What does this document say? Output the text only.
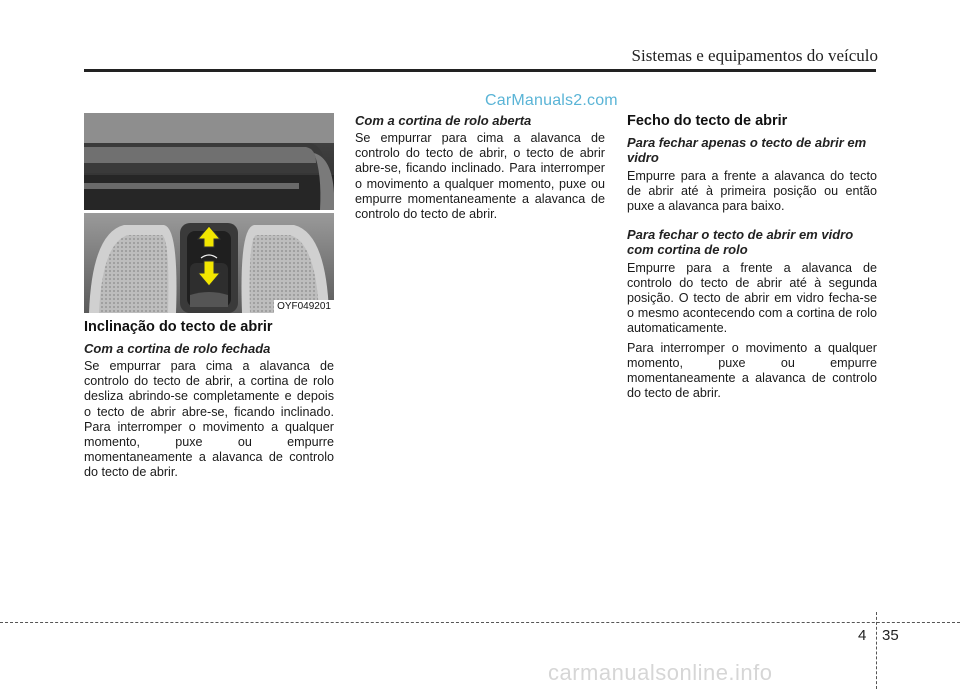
Sistemas e equipamentos do veículo
CarManuals2.com
OYF049201
Inclinação do tecto de abrir
Com a cortina de rolo fechada

Se empurrar para cima a alavanca de controlo do tecto de abrir, a cortina de rolo desliza abrindo-se completamente e depois o tecto de abrir abre-se, ficando inclinado. Para interromper o movimento a qualquer momento, puxe ou empurre momentaneamente a alavanca de controlo do tecto de abrir.

Com a cortina de rolo aberta

Se empurrar para cima a alavanca de controlo do tecto de abrir, o tecto de abrir abre-se, ficando inclinado. Para interromper o movimento a qualquer momento, puxe ou empurre momentaneamente a alavanca de controlo do tecto de abrir.

Fecho do tecto de abrir
Para fechar apenas o tecto de abrir em vidro

Empurre para a frente a alavanca do tecto de abrir até à primeira posição ou então puxe a alavanca para baixo.

Para fechar o tecto de abrir em vidro com cortina de rolo

Empurre para a frente a alavanca de controlo do tecto de abrir até à segunda posição. O tecto de abrir em vidro fecha-se o mesmo acontecendo com a cortina de rolo automaticamente.

Para interromper o movimento a qualquer momento, puxe ou empurre momentaneamente a alavanca de controlo do tecto de abrir.

4 35
carmanualsonline.info
